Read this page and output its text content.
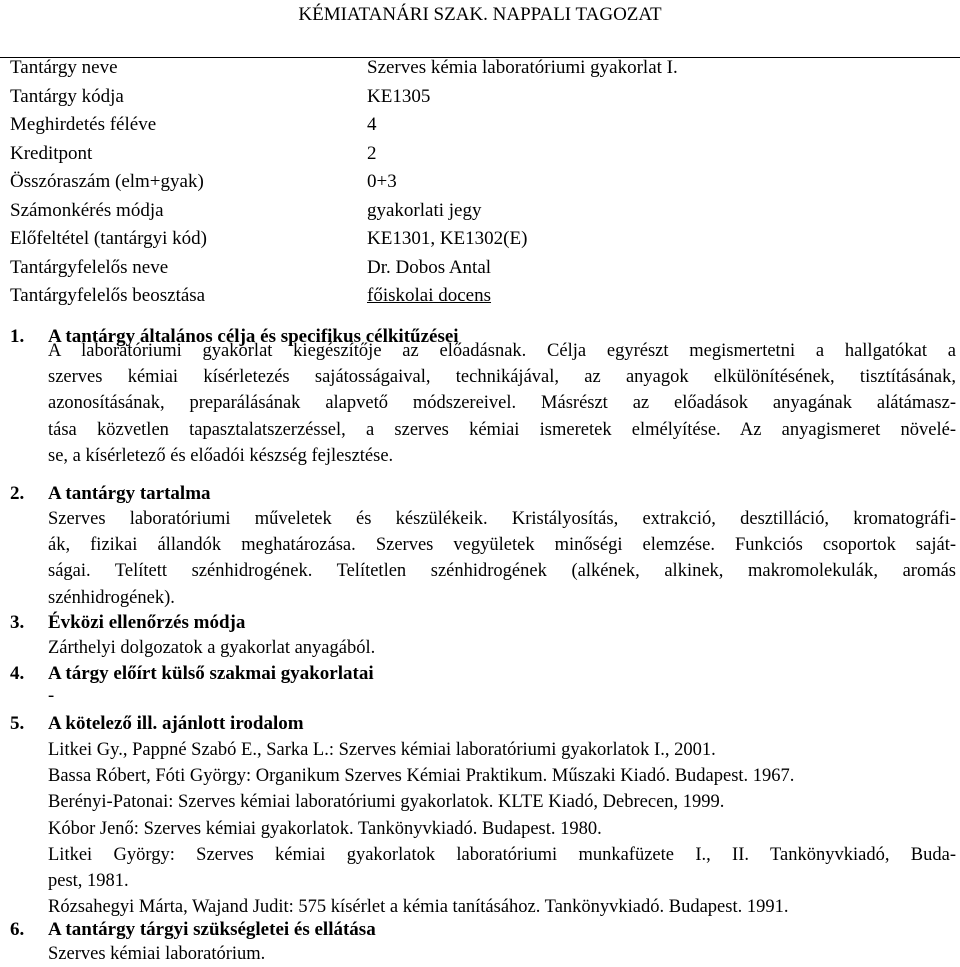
KÉMIATANÁRI SZAK. NAPPALI TAGOZAT
Tantárgy neve	Szerves kémia laboratóriumi gyakorlat I.
Tantárgy kódja	KE1305
Meghirdetés féléve	4
Kreditpont	2
Összóraszám (elm+gyak)	0+3
Számonkérés módja	gyakorlati jegy
Előfeltétel (tantárgyi kód)	KE1301, KE1302(E)
Tantárgyfelelős neve	Dr. Dobos Antal
Tantárgyfelelős beosztása	főiskolai docens
1. A tantárgy általános célja és specifikus célkitűzései
A laboratóriumi gyakorlat kiegészítője az előadásnak. Célja egyrészt megismertetni a hallgatókat a
szerves kémiai kísérletezés sajátosságaival, technikájával, az anyagok elkülönítésének, tisztításának,
azonosításának, preparálásának alapvető módszereivel. Másrészt az előadások anyagának alátámasz-
tása közvetlen tapasztalatszerzéssel, a szerves kémiai ismeretek elmélyítése. Az anyagismeret növelé-
se, a kísérletező és előadói készség fejlesztése.
2. A tantárgy tartalma
Szerves laboratóriumi műveletek és készülékeik. Kristályosítás, extrakció, desztilláció, kromatográfi-
ák, fizikai állandók meghatározása. Szerves vegyületek minőségi elemzése. Funkciós csoportok saját-
ságai. Telített szénhidrogének. Telítetlen szénhidrogének (alkének, alkinek, makromolekulák, aromás
szénhidrogének).
3. Évközi ellenőrzés módja
Zárthelyi dolgozatok a gyakorlat anyagából.
4. A tárgy előírt külső szakmai gyakorlatai
-
5. A kötelező ill. ajánlott irodalom
Litkei Gy., Pappné Szabó E., Sarka L.: Szerves kémiai laboratóriumi gyakorlatok I., 2001.
Bassa Róbert, Fóti György: Organikum Szerves Kémiai Praktikum. Műszaki Kiadó. Budapest. 1967.
Berényi-Patonai: Szerves kémiai laboratóriumi gyakorlatok. KLTE Kiadó, Debrecen, 1999.
Kóbor Jenő: Szerves kémiai gyakorlatok. Tankönyvkiadó. Budapest. 1980.
Litkei György: Szerves kémiai gyakorlatok laboratóriumi munkafüzete I., II. Tankönyvkiadó, Buda-
pest, 1981.
Rózsahegyi Márta, Wajand Judit: 575 kísérlet a kémia tanításához. Tankönyvkiadó. Budapest. 1991.
6. A tantárgy tárgyi szükségletei és ellátása
Szerves kémiai laboratórium.
